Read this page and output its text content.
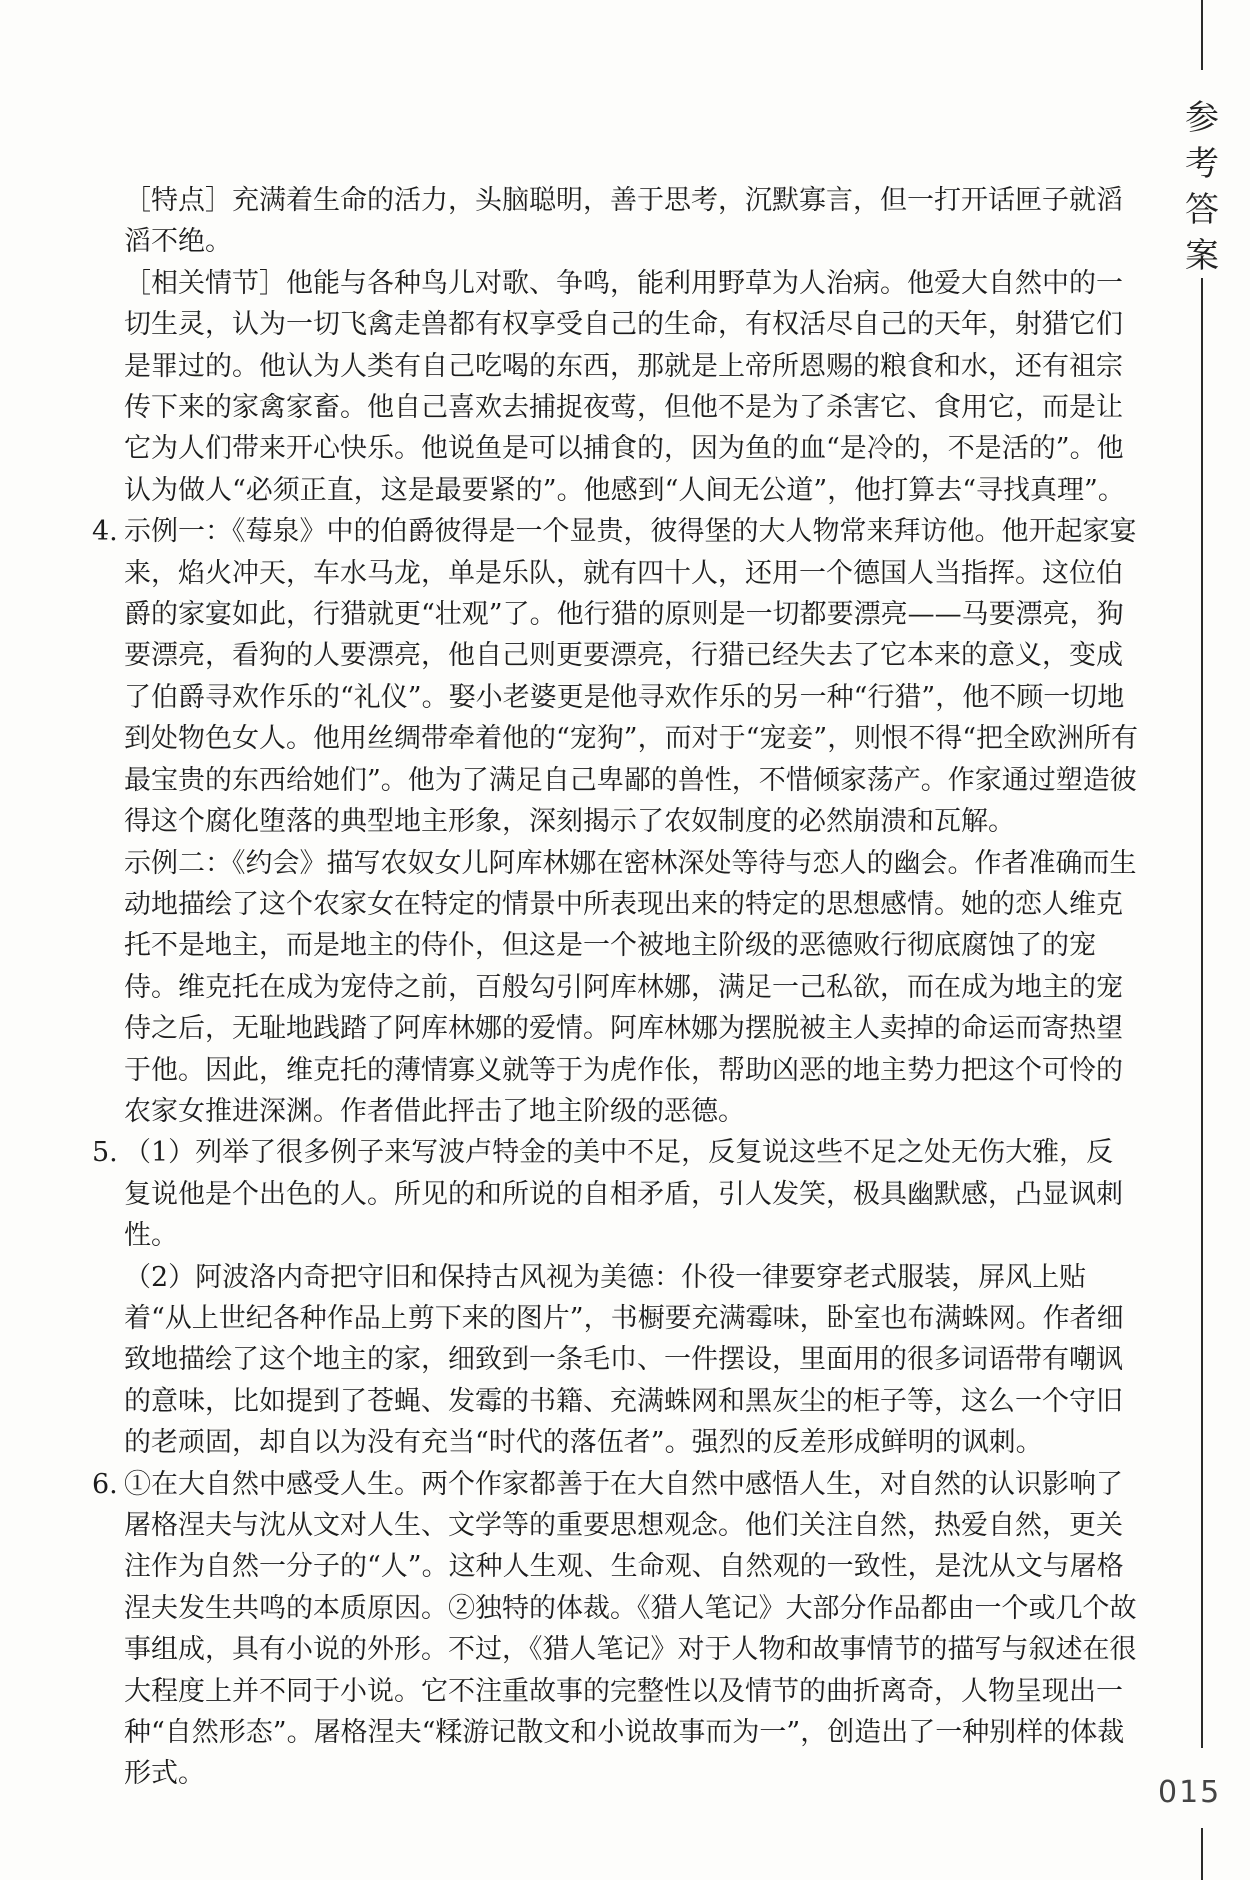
参
考
答
案
015

［特点］充满着生命的活力，头脑聪明，善于思考，沉默寡言，但一打开话匣子就滔滔不绝。

［相关情节］他能与各种鸟儿对歌、争鸣，能利用野草为人治病。他爱大自然中的一切生灵，认为一切飞禽走兽都有权享受自己的生命，有权活尽自己的天年，射猎它们是罪过的。他认为人类有自己吃喝的东西，那就是上帝所恩赐的粮食和水，还有祖宗传下来的家禽家畜。他自己喜欢去捕捉夜莺，但他不是为了杀害它、食用它，而是让它为人们带来开心快乐。他说鱼是可以捕食的，因为鱼的血“是冷的，不是活的”。他认为做人“必须正直，这是最要紧的”。他感到“人间无公道”，他打算去“寻找真理”。

4. 示例一：《莓泉》中的伯爵彼得是一个显贵，彼得堡的大人物常来拜访他。他开起家宴来，焰火冲天，车水马龙，单是乐队，就有四十人，还用一个德国人当指挥。这位伯爵的家宴如此，行猎就更“壮观”了。他行猎的原则是一切都要漂亮——马要漂亮，狗要漂亮，看狗的人要漂亮，他自己则更要漂亮，行猎已经失去了它本来的意义，变成了伯爵寻欢作乐的“礼仪”。娶小老婆更是他寻欢作乐的另一种“行猎”，他不顾一切地到处物色女人。他用丝绸带牵着他的“宠狗”，而对于“宠妾”，则恨不得“把全欧洲所有最宝贵的东西给她们”。他为了满足自己卑鄙的兽性，不惜倾家荡产。作家通过塑造彼得这个腐化堕落的典型地主形象，深刻揭示了农奴制度的必然崩溃和瓦解。

示例二：《约会》描写农奴女儿阿库林娜在密林深处等待与恋人的幽会。作者准确而生动地描绘了这个农家女在特定的情景中所表现出来的特定的思想感情。她的恋人维克托不是地主，而是地主的侍仆，但这是一个被地主阶级的恶德败行彻底腐蚀了的宠侍。维克托在成为宠侍之前，百般勾引阿库林娜，满足一己私欲，而在成为地主的宠侍之后，无耻地践踏了阿库林娜的爱情。阿库林娜为摆脱被主人卖掉的命运而寄热望于他。因此，维克托的薄情寡义就等于为虎作伥，帮助凶恶的地主势力把这个可怜的农家女推进深渊。作者借此抨击了地主阶级的恶德。

5. （1）列举了很多例子来写波卢特金的美中不足，反复说这些不足之处无伤大雅，反复说他是个出色的人。所见的和所说的自相矛盾，引人发笑，极具幽默感，凸显讽刺性。

（2）阿波洛内奇把守旧和保持古风视为美德：仆役一律要穿老式服装，屏风上贴着“从上世纪各种作品上剪下来的图片”，书橱要充满霉味，卧室也布满蛛网。作者细致地描绘了这个地主的家，细致到一条毛巾、一件摆设，里面用的很多词语带有嘲讽的意味，比如提到了苍蝇、发霉的书籍、充满蛛网和黑灰尘的柜子等，这么一个守旧的老顽固，却自以为没有充当“时代的落伍者”。强烈的反差形成鲜明的讽刺。

6. ①在大自然中感受人生。两个作家都善于在大自然中感悟人生，对自然的认识影响了屠格涅夫与沈从文对人生、文学等的重要思想观念。他们关注自然，热爱自然，更关注作为自然一分子的“人”。这种人生观、生命观、自然观的一致性，是沈从文与屠格涅夫发生共鸣的本质原因。②独特的体裁。《猎人笔记》大部分作品都由一个或几个故事组成，具有小说的外形。不过，《猎人笔记》对于人物和故事情节的描写与叙述在很大程度上并不同于小说。它不注重故事的完整性以及情节的曲折离奇，人物呈现出一种“自然形态”。屠格涅夫“糅游记散文和小说故事而为一”，创造出了一种别样的体裁形式。
